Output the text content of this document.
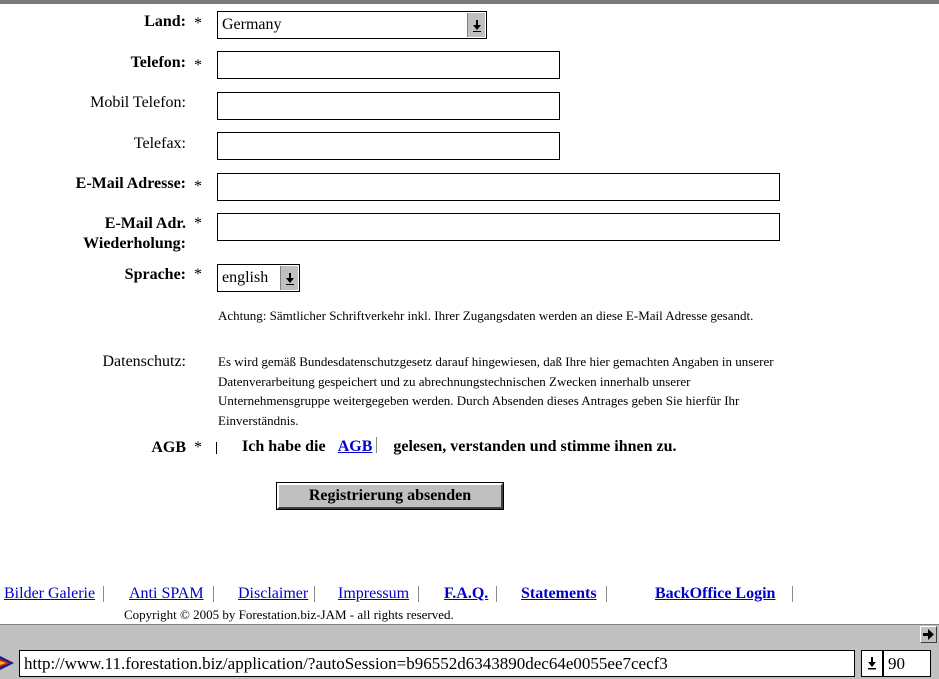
Land: *	Germany
Telefon: *
Mobil Telefon:
Telefax:
E-Mail Adresse: *
E-Mail Adr.
Wiederholung:
*
Sprache: *	english
Achtung: Sämtlicher Schriftverkehr inkl. Ihrer Zugangsdaten werden an diese E-Mail Adresse gesandt.
Datenschutz: Es wird gemäß Bundesdatenschutzgesetz darauf hingewiesen, daß Ihre hier gemachten Angaben in unserer Datenverarbeitung gespeichert und zu abrechnungstechnischen Zwecken innerhalb unserer Unternehmensgruppe weitergegeben werden. Durch Absenden dieses Antrages geben Sie hierfür Ihr Einverständnis.
AGB *	Ich habe die AGB gelesen, verstanden und stimme ihnen zu.
Registrierung absenden
Bilder Galerie Anti SPAM Disclaimer Impressum F.A.Q. Statements	BackOffice Login
Copyright © 2005 by Forestation.biz-JAM - all rights reserved.
http://www.11.forestation.biz/application/?autoSession=b96552d6343890dec64e0055ee7cecf3	90
